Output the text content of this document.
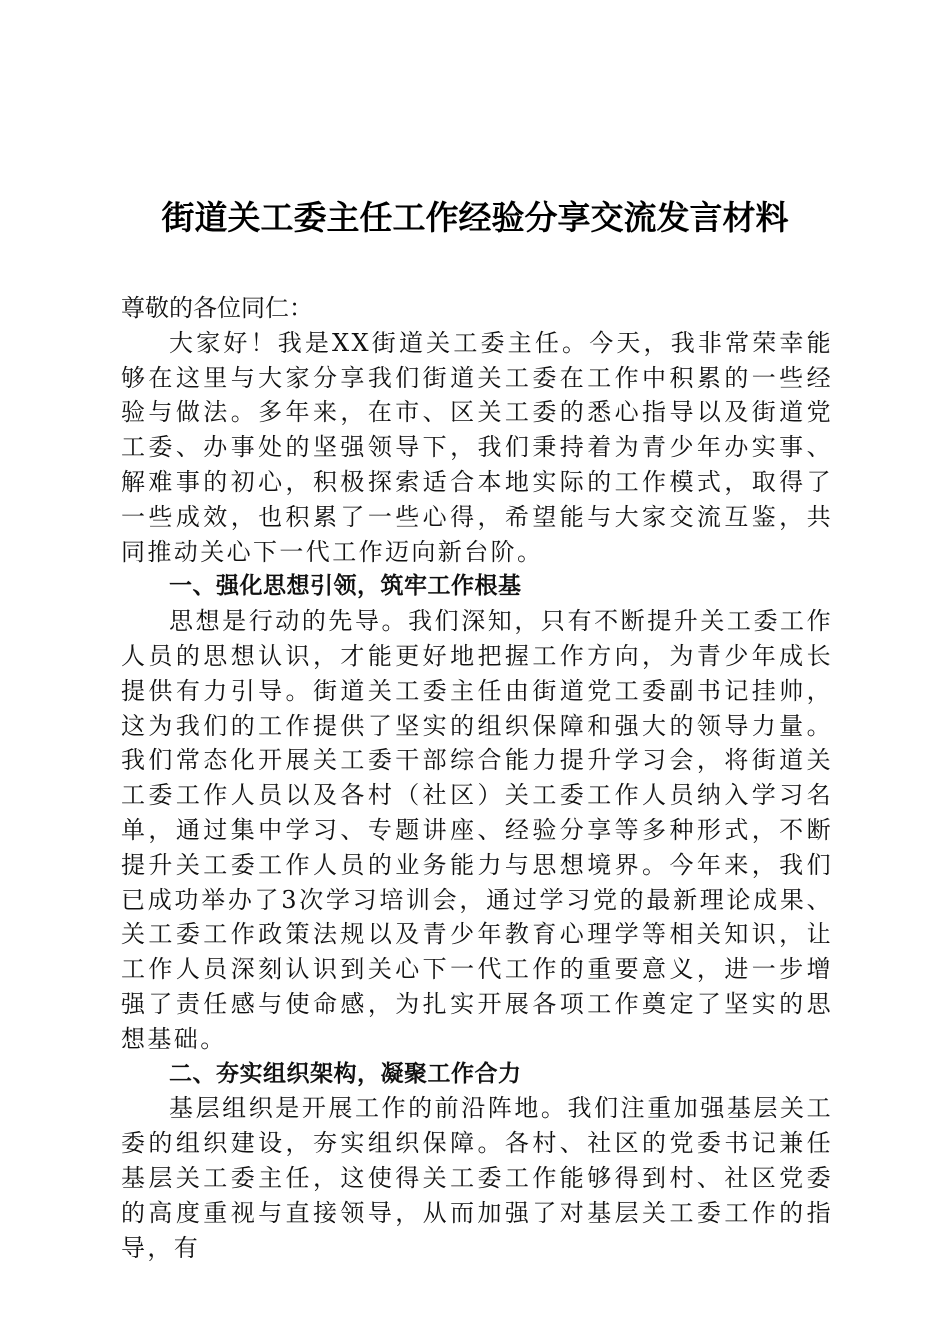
街道关工委主任工作经验分享交流发言材料

尊敬的各位同仁：

大家好！我是XX街道关工委主任。今天，我非常荣幸能够在这里与大家分享我们街道关工委在工作中积累的一些经验与做法。多年来，在市、区关工委的悉心指导以及街道党工委、办事处的坚强领导下，我们秉持着为青少年办实事、解难事的初心，积极探索适合本地实际的工作模式，取得了一些成效，也积累了一些心得，希望能与大家交流互鉴，共同推动关心下一代工作迈向新台阶。

一、强化思想引领，筑牢工作根基

思想是行动的先导。我们深知，只有不断提升关工委工作人员的思想认识，才能更好地把握工作方向，为青少年成长提供有力引导。街道关工委主任由街道党工委副书记挂帅，这为我们的工作提供了坚实的组织保障和强大的领导力量。我们常态化开展关工委干部综合能力提升学习会，将街道关工委工作人员以及各村（社区）关工委工作人员纳入学习名单，通过集中学习、专题讲座、经验分享等多种形式，不断提升关工委工作人员的业务能力与思想境界。今年来，我们已成功举办了3次学习培训会，通过学习党的最新理论成果、关工委工作政策法规以及青少年教育心理学等相关知识，让工作人员深刻认识到关心下一代工作的重要意义，进一步增强了责任感与使命感，为扎实开展各项工作奠定了坚实的思想基础。

二、夯实组织架构，凝聚工作合力

基层组织是开展工作的前沿阵地。我们注重加强基层关工委的组织建设，夯实组织保障。各村、社区的党委书记兼任基层关工委主任，这使得关工委工作能够得到村、社区党委的高度重视与直接领导，从而加强了对基层关工委工作的指导，有
